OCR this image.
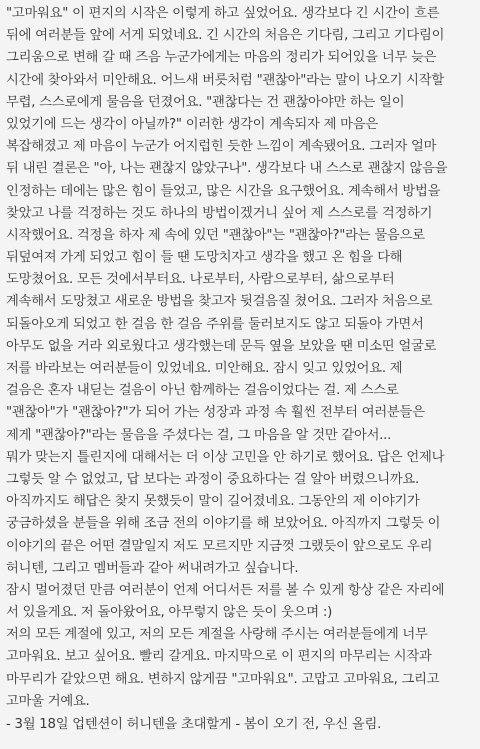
"고마워요" 이 편지의 시작은 이렇게 하고 싶었어요. 생각보다 긴 시간이 흐른
뒤에 여러분들 앞에 서게 되었네요. 긴 시간의 처음은 기다림, 그리고 기다림이
그리움으로 변해 갈 때 즈음 누군가에게는 마음의 정리가 되어있을 너무 늦은
시간에 찾아와서 미안해요. 어느새 버릇처럼 "괜찮아"라는 말이 나오기 시작할
무렵, 스스로에게 물음을 던졌어요. "괜찮다는 건 괜찮아야만 하는 일이
있었기에 드는 생각이 아닐까?" 이러한 생각이 계속되자 제 마음은
복잡해졌고 제 마음이 누군가 어지럽힌 듯한 느낌이 계속됐어요. 그러자 얼마
뒤 내린 결론은 "아, 나는 괜찮지 않았구나". 생각보다 내 스스로 괜찮지 않음을
인정하는 데에는 많은 힘이 들었고, 많은 시간을 요구했어요. 계속해서 방법을
찾았고 나를 걱정하는 것도 하나의 방법이겠거니 싶어 제 스스로를 걱정하기
시작했어요. 걱정을 하자 제 속에 있던 "괜찮아"는 "괜찮아?"라는 물음으로
뒤덮여져 가게 되었고 힘이 들 땐 도망치자고 생각을 했고 온 힘을 다해
도망쳤어요. 모든 것에서부터요. 나로부터, 사람으로부터, 삶으로부터
계속해서 도망쳤고 새로운 방법을 찾고자 뒷걸음질 쳤어요. 그러자 처음으로
되돌아오게 되었고 한 걸음 한 걸음 주위를 둘러보지도 않고 되돌아 가면서
아무도 없을 거라 외로웠다고 생각했는데 문득 옆을 보았을 땐 미소띤 얼굴로
저를 바라보는 여러분들이 있었네요. 미안해요. 잠시 잊고 있었어요. 제
걸음은 혼자 내딛는 걸음이 아닌 함께하는 걸음이었다는 걸. 제 스스로
"괜찮아"가 "괜찮아?"가 되어 가는 성장과 과정 속 훨씬 전부터 여러분들은
제게 "괜찮아?"라는 물음을 주셨다는 걸, 그 마음을 알 것만 같아서...
뭐가 맞는지 틀린지에 대해서는 더 이상 고민을 안 하기로 했어요. 답은 언제나
그렇듯 알 수 없었고, 답 보다는 과정이 중요하다는 걸 알아 버렸으니까요.
아직까지도 해답은 찾지 못했듯이 말이 길어졌네요. 그동안의 제 이야기가
궁금하셨을 분들을 위해 조금 전의 이야기를 해 보았어요. 아직까지 그렇듯 이
이야기의 끝은 어떤 결말일지 저도 모르지만 지금껏 그랬듯이 앞으로도 우리
허니텐, 그리고 멤버들과 같아 써내려가고 싶습니다.
잠시 멀어졌던 만큼 여러분이 언제 어디서든 저를 볼 수 있게 항상 같은 자리에
서 있을게요. 저 돌아왔어요, 아무렇지 않은 듯이 웃으며 :)
저의 모든 계절에 있고, 저의 모든 계절을 사랑해 주시는 여러분들에게 너무
고마워요. 보고 싶어요. 빨리 갈게요. 마지막으로 이 편지의 마무리는 시작과
마무리가 같았으면 해요. 변하지 않게끔 "고마워요". 고맙고 고마워요, 그리고
고마울 거예요.
- 3월 18일 업텐션이 허니텐을 초대할게 - 봄이 오기 전, 우신 올림.
